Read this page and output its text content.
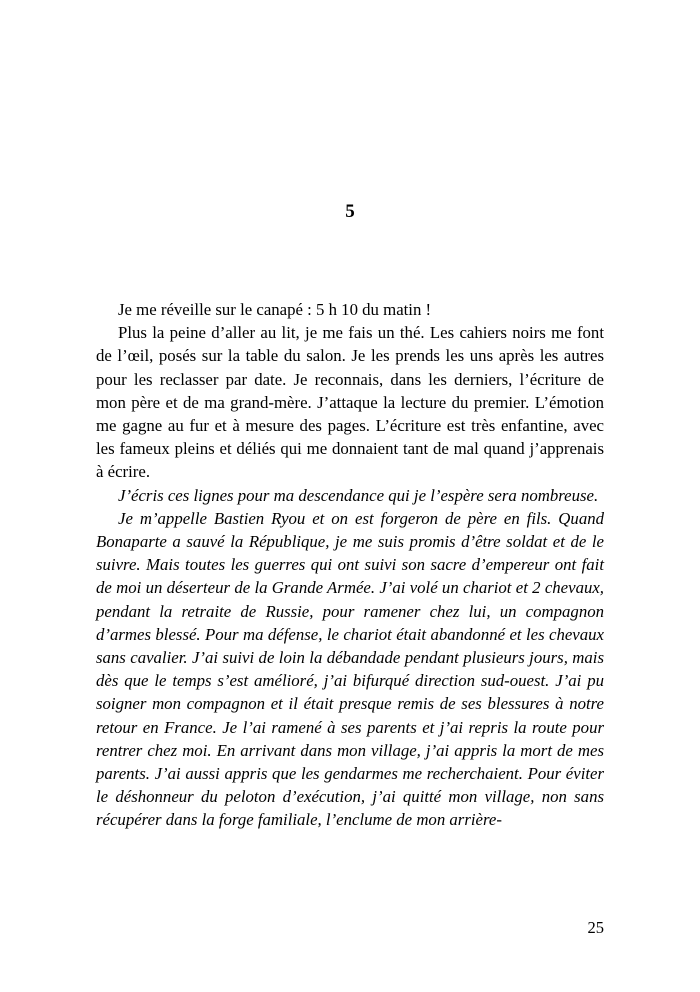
5

Je me réveille sur le canapé : 5 h 10 du matin !

Plus la peine d’aller au lit, je me fais un thé. Les cahiers noirs me font de l’œil, posés sur la table du salon. Je les prends les uns après les autres pour les reclasser par date. Je reconnais, dans les derniers, l’écriture de mon père et de ma grand-mère. J’attaque la lecture du premier. L’émotion me gagne au fur et à mesure des pages. L’écriture est très enfantine, avec les fameux pleins et déliés qui me donnaient tant de mal quand j’apprenais à écrire.

J’écris ces lignes pour ma descendance qui je l’espère sera nombreuse.

Je m’appelle Bastien Ryou et on est forgeron de père en fils. Quand Bonaparte a sauvé la République, je me suis promis d’être soldat et de le suivre. Mais toutes les guerres qui ont suivi son sacre d’empereur ont fait de moi un déserteur de la Grande Armée. J’ai volé un chariot et 2 chevaux, pendant la retraite de Russie, pour ramener chez lui, un compagnon d’armes blessé. Pour ma défense, le chariot était abandonné et les chevaux sans cavalier. J’ai suivi de loin la débandade pendant plusieurs jours, mais dès que le temps s’est amélioré, j’ai bifurqué direction sud-ouest. J’ai pu soigner mon compagnon et il était presque remis de ses blessures à notre retour en France. Je l’ai ramené à ses parents et j’ai repris la route pour rentrer chez moi. En arrivant dans mon village, j’ai appris la mort de mes parents. J’ai aussi appris que les gendarmes me recherchaient. Pour éviter le déshonneur du peloton d’exécution, j’ai quitté mon village, non sans récupérer dans la forge familiale, l’enclume de mon arrière-

25
